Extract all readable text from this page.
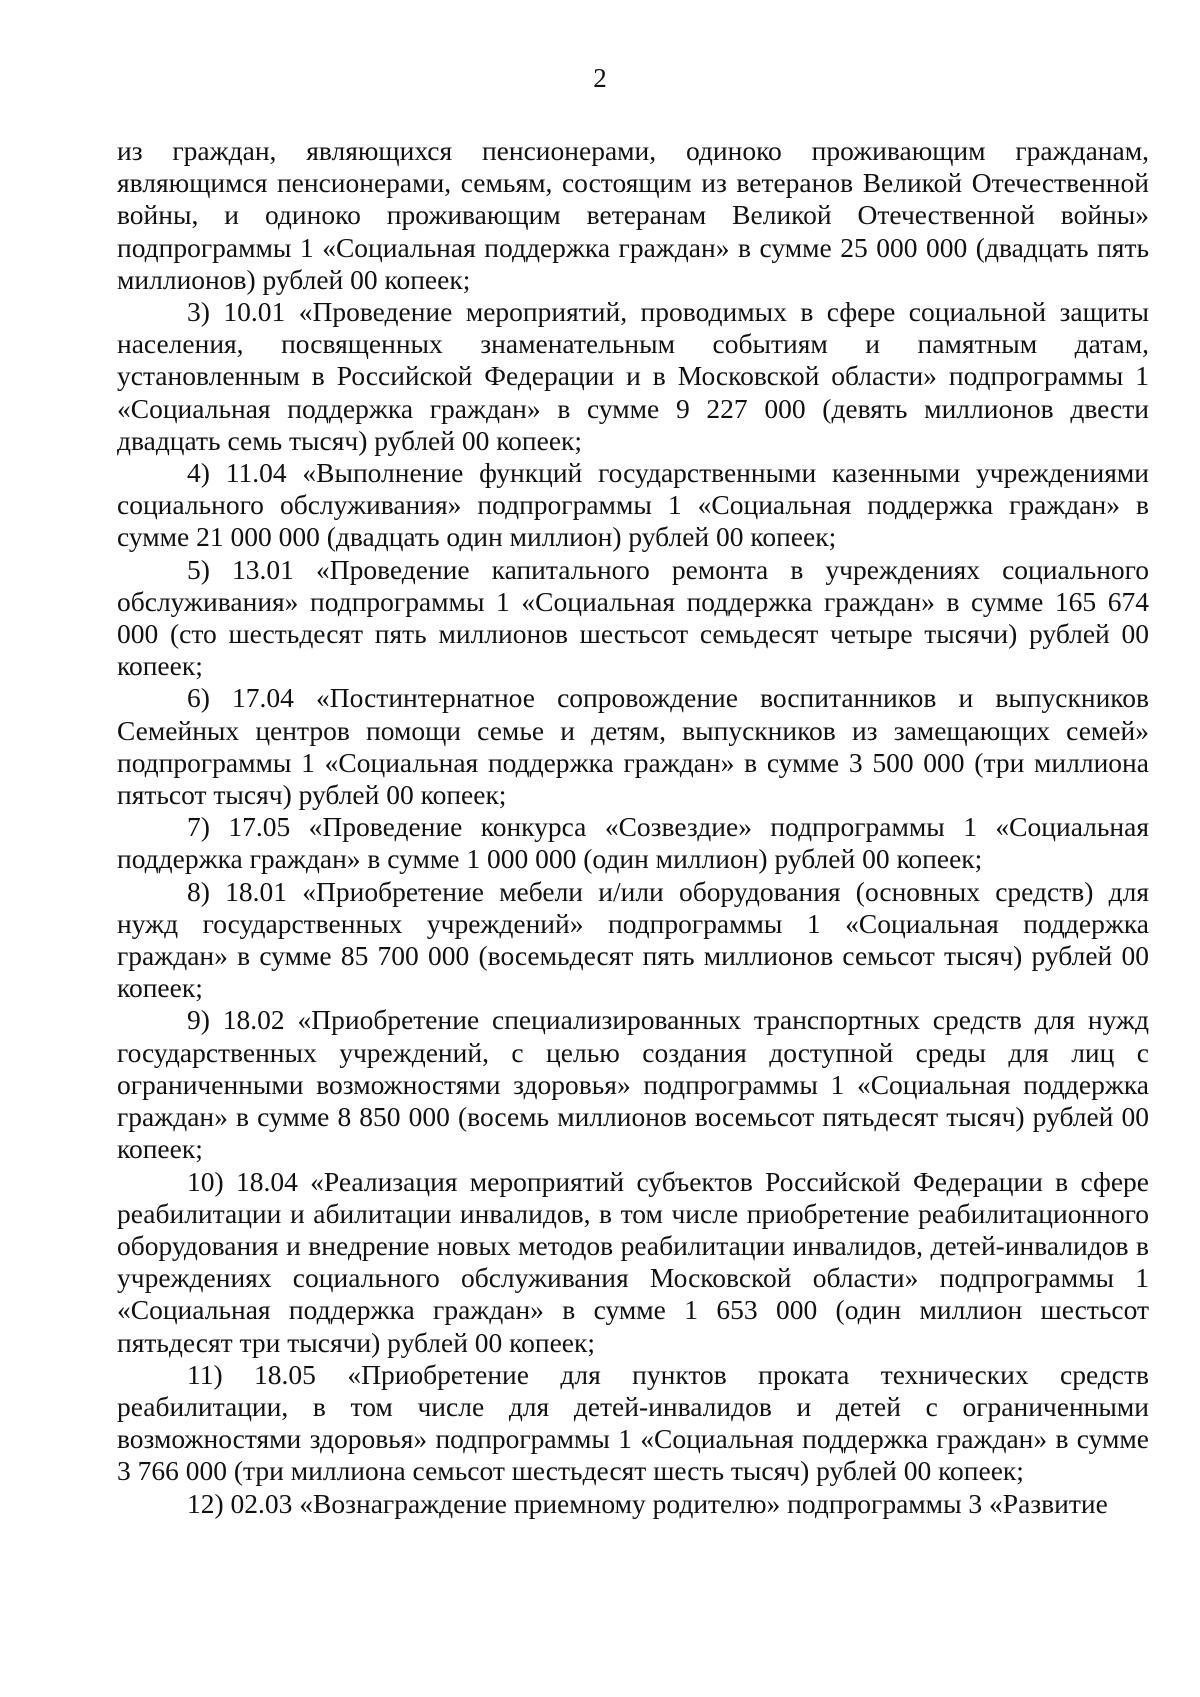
2

из граждан, являющихся пенсионерами, одиноко проживающим гражданам, являющимся пенсионерами, семьям, состоящим из ветеранов Великой Отечественной войны, и одиноко проживающим ветеранам Великой Отечественной войны» подпрограммы 1 «Социальная поддержка граждан» в сумме 25 000 000 (двадцать пять миллионов) рублей 00 копеек;

3) 10.01 «Проведение мероприятий, проводимых в сфере социальной защиты населения, посвященных знаменательным событиям и памятным датам, установленным в Российской Федерации и в Московской области» подпрограммы 1 «Социальная поддержка граждан» в сумме 9 227 000 (девять миллионов двести двадцать семь тысяч) рублей 00 копеек;

4) 11.04 «Выполнение функций государственными казенными учреждениями социального обслуживания» подпрограммы 1 «Социальная поддержка граждан» в сумме 21 000 000 (двадцать один миллион) рублей 00 копеек;

5) 13.01 «Проведение капитального ремонта в учреждениях социального обслуживания» подпрограммы 1 «Социальная поддержка граждан» в сумме 165 674 000 (сто шестьдесят пять миллионов шестьсот семьдесят четыре тысячи) рублей 00 копеек;

6) 17.04 «Постинтернатное сопровождение воспитанников и выпускников Семейных центров помощи семье и детям, выпускников из замещающих семей» подпрограммы 1 «Социальная поддержка граждан» в сумме 3 500 000 (три миллиона пятьсот тысяч) рублей 00 копеек;

7) 17.05 «Проведение конкурса «Созвездие» подпрограммы 1 «Социальная поддержка граждан» в сумме 1 000 000 (один миллион) рублей 00 копеек;

8) 18.01 «Приобретение мебели и/или оборудования (основных средств) для нужд государственных учреждений» подпрограммы 1 «Социальная поддержка граждан» в сумме 85 700 000 (восемьдесят пять миллионов семьсот тысяч) рублей 00 копеек;

9) 18.02 «Приобретение специализированных транспортных средств для нужд государственных учреждений, с целью создания доступной среды для лиц с ограниченными возможностями здоровья» подпрограммы 1 «Социальная поддержка граждан» в сумме 8 850 000 (восемь миллионов восемьсот пятьдесят тысяч) рублей 00 копеек;

10) 18.04 «Реализация мероприятий субъектов Российской Федерации в сфере реабилитации и абилитации инвалидов, в том числе приобретение реабилитационного оборудования и внедрение новых методов реабилитации инвалидов, детей-инвалидов в учреждениях социального обслуживания Московской области» подпрограммы 1 «Социальная поддержка граждан» в сумме 1 653 000 (один миллион шестьсот пятьдесят три тысячи) рублей 00 копеек;

11) 18.05 «Приобретение для пунктов проката технических средств реабилитации, в том числе для детей-инвалидов и детей с ограниченными возможностями здоровья» подпрограммы 1 «Социальная поддержка граждан» в сумме 3 766 000 (три миллиона семьсот шестьдесят шесть тысяч) рублей 00 копеек;

12) 02.03 «Вознаграждение приемному родителю» подпрограммы 3 «Развитие
